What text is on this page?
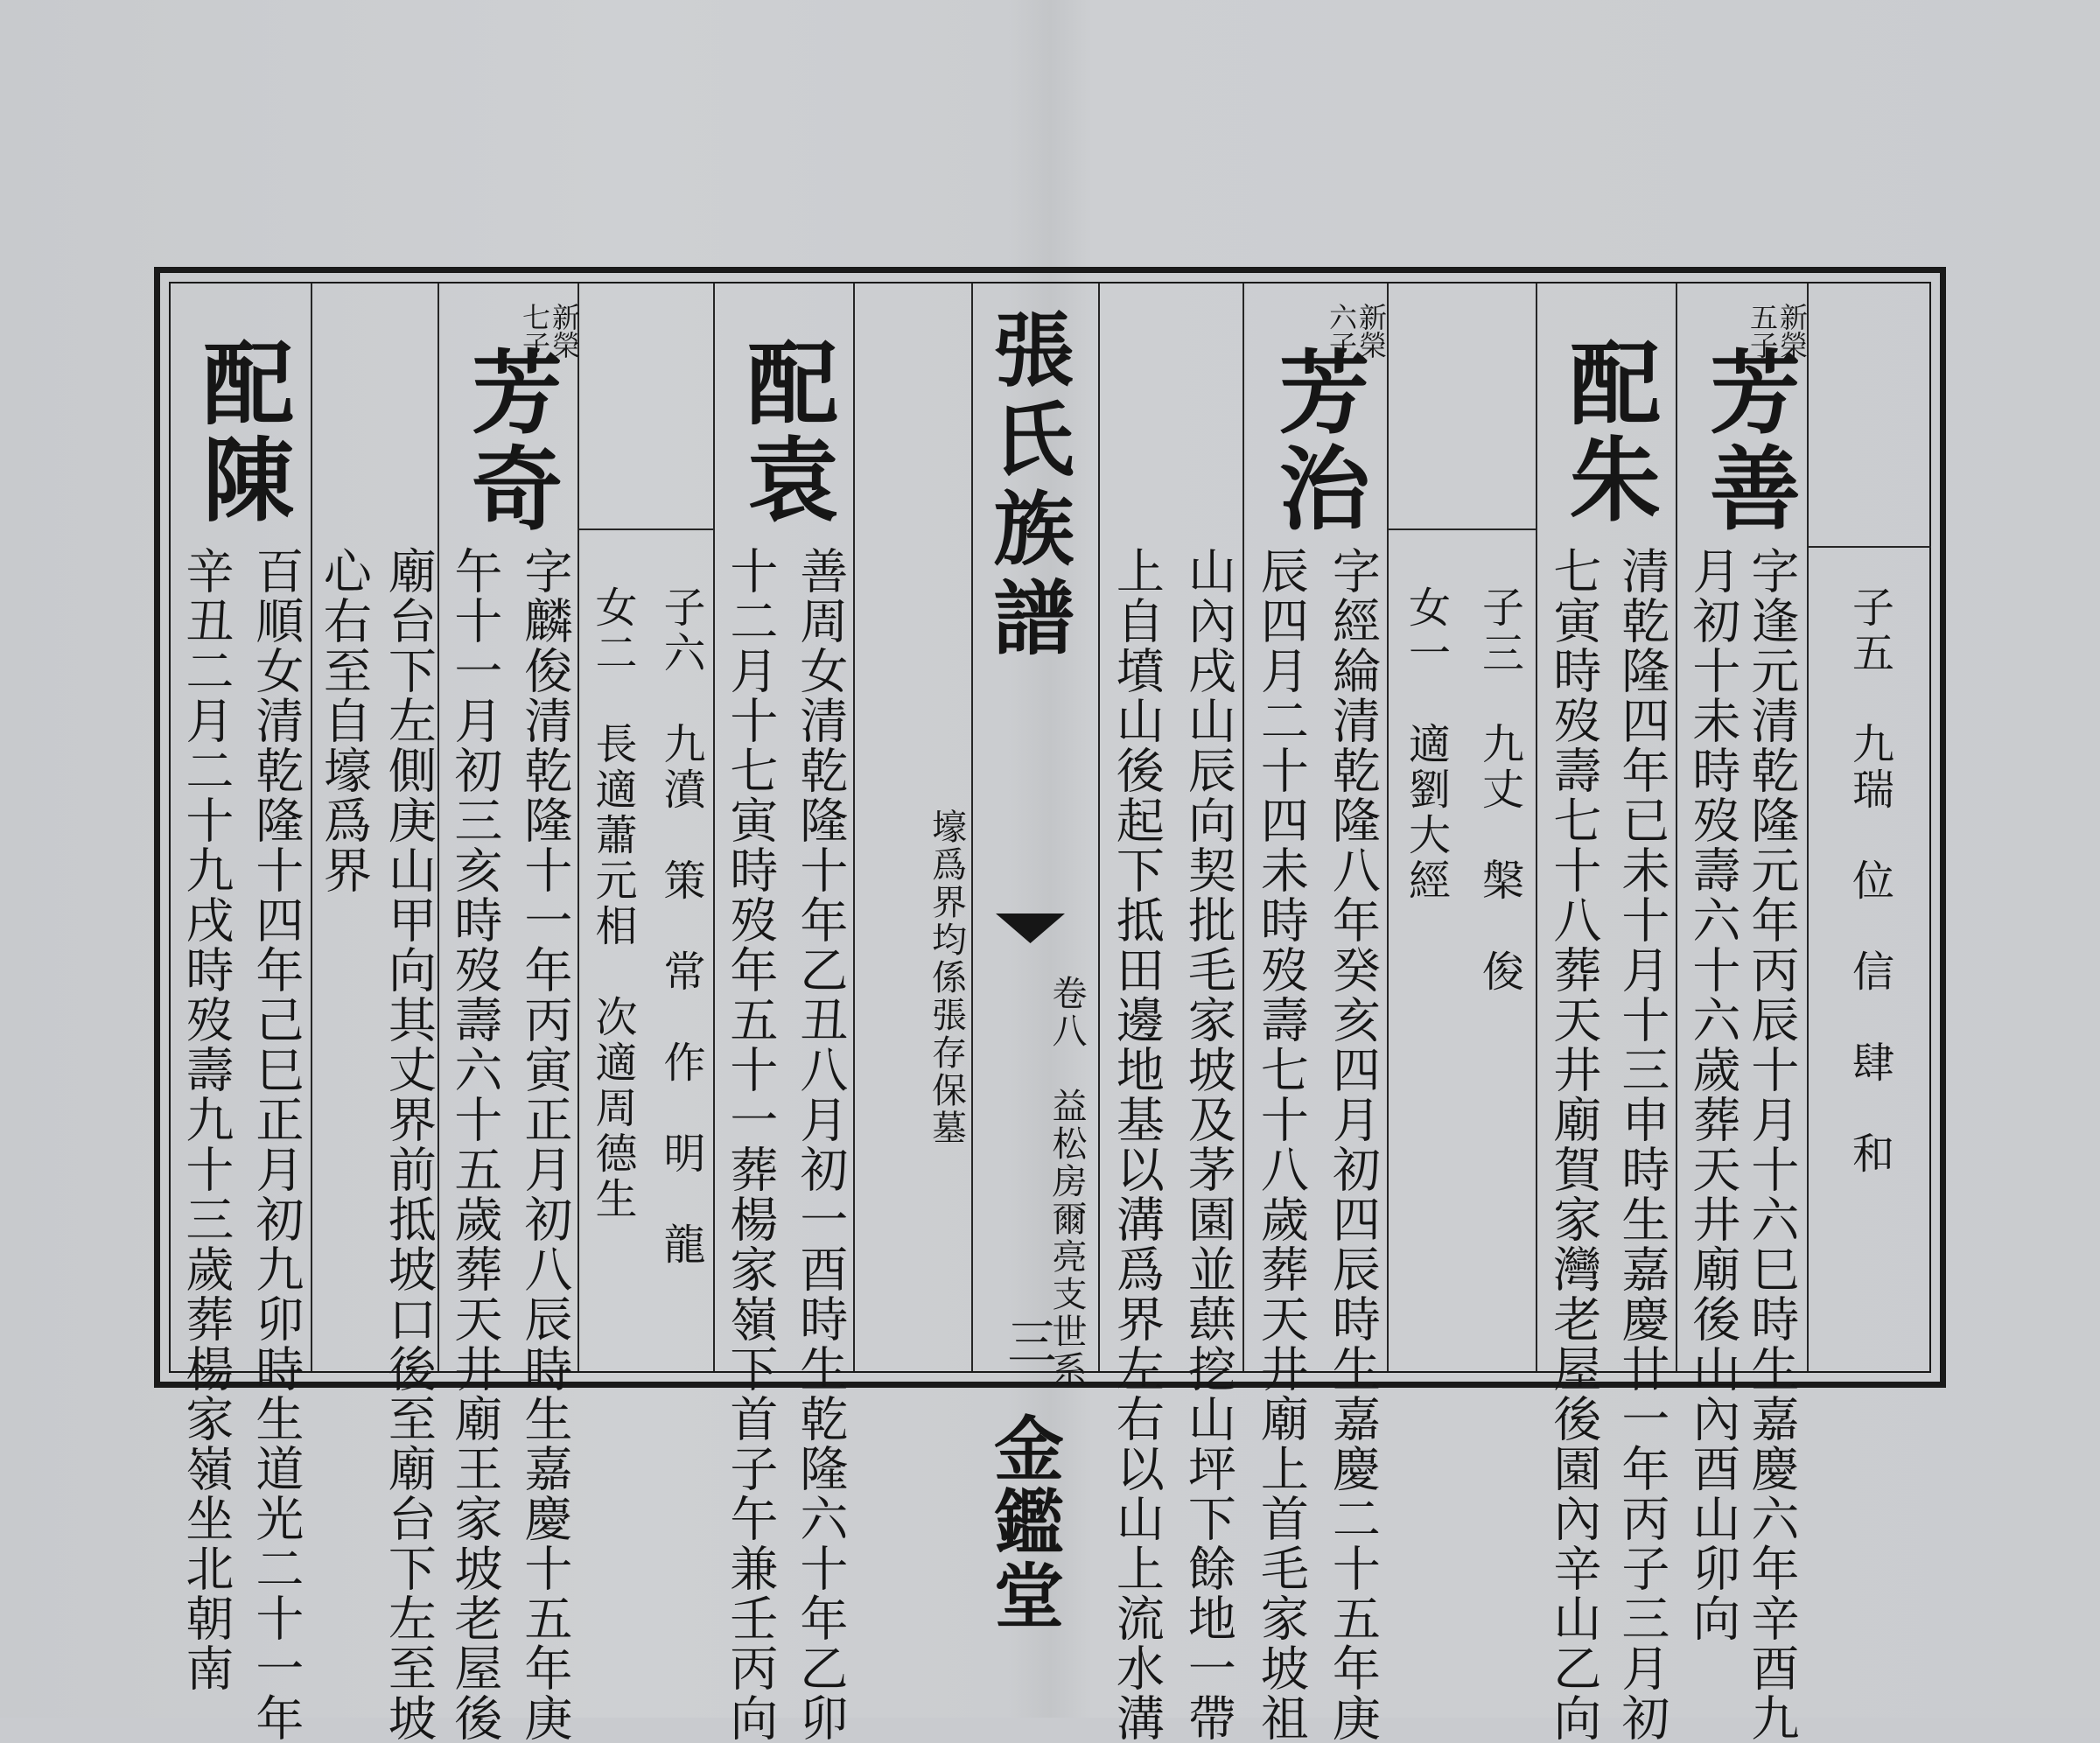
子五　九瑞　位　信　肆　和
新榮
五子
芳善
字逢元清乾隆元年丙辰十月十六巳時生嘉慶六年辛酉九
月初十未時歿壽六十六歲葬天井廟後山內酉山卯向
配朱
清乾隆四年已未十月十三申時生嘉慶廿一年丙子三月初
七寅時歿壽七十八葬天井廟賀家灣老屋後園內辛山乙向
子三　九丈　槃　俊
女一　適劉大經
新榮
六子
芳治
字經綸清乾隆八年癸亥四月初四辰時生嘉慶二十五年庚
辰四月二十四未時歿壽七十八歲葬天井廟上首毛家坡祖
山內戌山辰向契批毛家坡及茅園並蕻挖山坪下餘地一帶
上自墳山後起下抵田邊地基以溝爲界左右以山上流水溝
張氏族譜
卷八　益松房爾亮支世系
三
金鑑堂
壕爲界均係張存保墓
配袁
善周女清乾隆十年乙丑八月初一酉時生乾隆六十年乙卯
十二月十七寅時歿年五十一葬楊家嶺下首子午兼壬丙向
子六　九濆　策　常　作　明　龍
女二　長適蕭元相　次適周德生
新榮
七子
芳奇
字麟俊清乾隆十一年丙寅正月初八辰時生嘉慶十五年庚
午十一月初三亥時歿壽六十五歲葬天井廟王家坡老屋後
廟台下左側庚山甲向其丈界前抵坡口後至廟台下左至坡
心右至自壕爲界
配陳
百順女清乾隆十四年己巳正月初九卯時生道光二十一年
辛丑二月二十九戌時歿壽九十三歲葬楊家嶺坐北朝南
